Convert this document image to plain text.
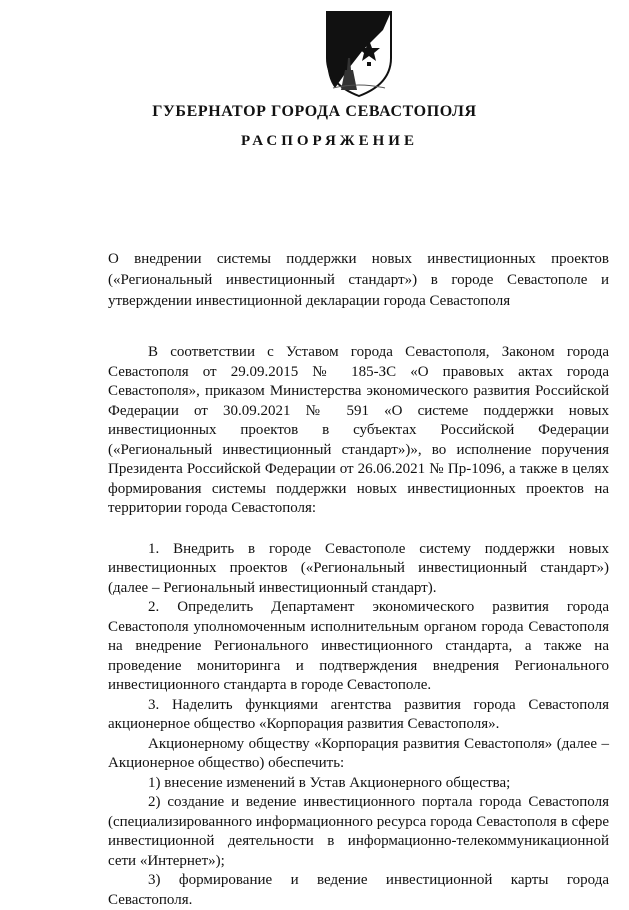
ГУБЕРНАТОР ГОРОДА СЕВАСТОПОЛЯ
РАСПОРЯЖЕНИЕ
О внедрении системы поддержки новых инвестиционных проектов («Региональный инвестиционный стандарт») в городе Севастополе и утверждении инвестиционной декларации города Севастополя

В соответствии с Уставом города Севастополя, Законом города Севастополя от 29.09.2015 № 185-ЗС «О правовых актах города Севастополя», приказом Министерства экономического развития Российской Федерации от 30.09.2021 № 591 «О системе поддержки новых инвестиционных проектов в субъектах Российской Федерации («Региональный инвестиционный стандарт»)», во исполнение поручения Президента Российской Федерации от 26.06.2021 № Пр-1096, а также в целях формирования системы поддержки новых инвестиционных проектов на территории города Севастополя:

1. Внедрить в городе Севастополе систему поддержки новых инвестиционных проектов («Региональный инвестиционный стандарт») (далее – Региональный инвестиционный стандарт).

2. Определить Департамент экономического развития города Севастополя уполномоченным исполнительным органом города Севастополя на внедрение Регионального инвестиционного стандарта, а также на проведение мониторинга и подтверждения внедрения Регионального инвестиционного стандарта в городе Севастополе.

3. Наделить функциями агентства развития города Севастополя акционерное общество «Корпорация развития Севастополя».

Акционерному обществу «Корпорация развития Севастополя» (далее – Акционерное общество) обеспечить:

1) внесение изменений в Устав Акционерного общества;

2) создание и ведение инвестиционного портала города Севастополя (специализированного информационного ресурса города Севастополя в сфере инвестиционной деятельности в информационно-телекоммуникационной сети «Интернет»);

3) формирование и ведение инвестиционной карты города Севастополя.
